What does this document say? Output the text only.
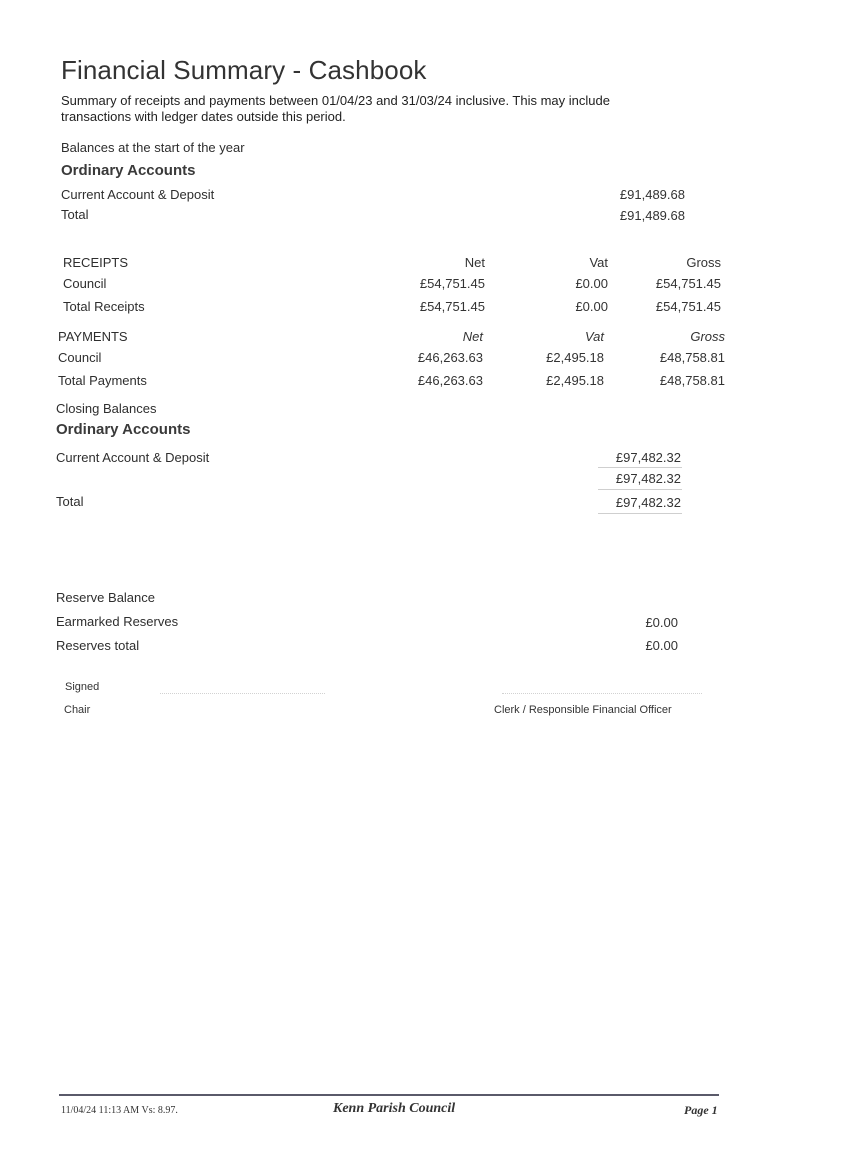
Financial Summary - Cashbook
Summary of receipts and payments between 01/04/23 and 31/03/24 inclusive. This may include transactions with ledger dates outside this period.
Balances at the start of the year
Ordinary Accounts
Current Account & Deposit	£91,489.68
Total	£91,489.68
RECEIPTS	Net	Vat	Gross
Council	£54,751.45	£0.00	£54,751.45
Total Receipts	£54,751.45	£0.00	£54,751.45
PAYMENTS	Net	Vat	Gross
Council	£46,263.63	£2,495.18	£48,758.81
Total Payments	£46,263.63	£2,495.18	£48,758.81
Closing Balances
Ordinary Accounts
Current Account & Deposit	£97,482.32
£97,482.32
Total	£97,482.32
Reserve Balance
Earmarked Reserves	£0.00
Reserves total	£0.00
Signed
Chair	Clerk / Responsible Financial Officer
11/04/24 11:13 AM Vs: 8.97.	Kenn Parish Council	Page 1
